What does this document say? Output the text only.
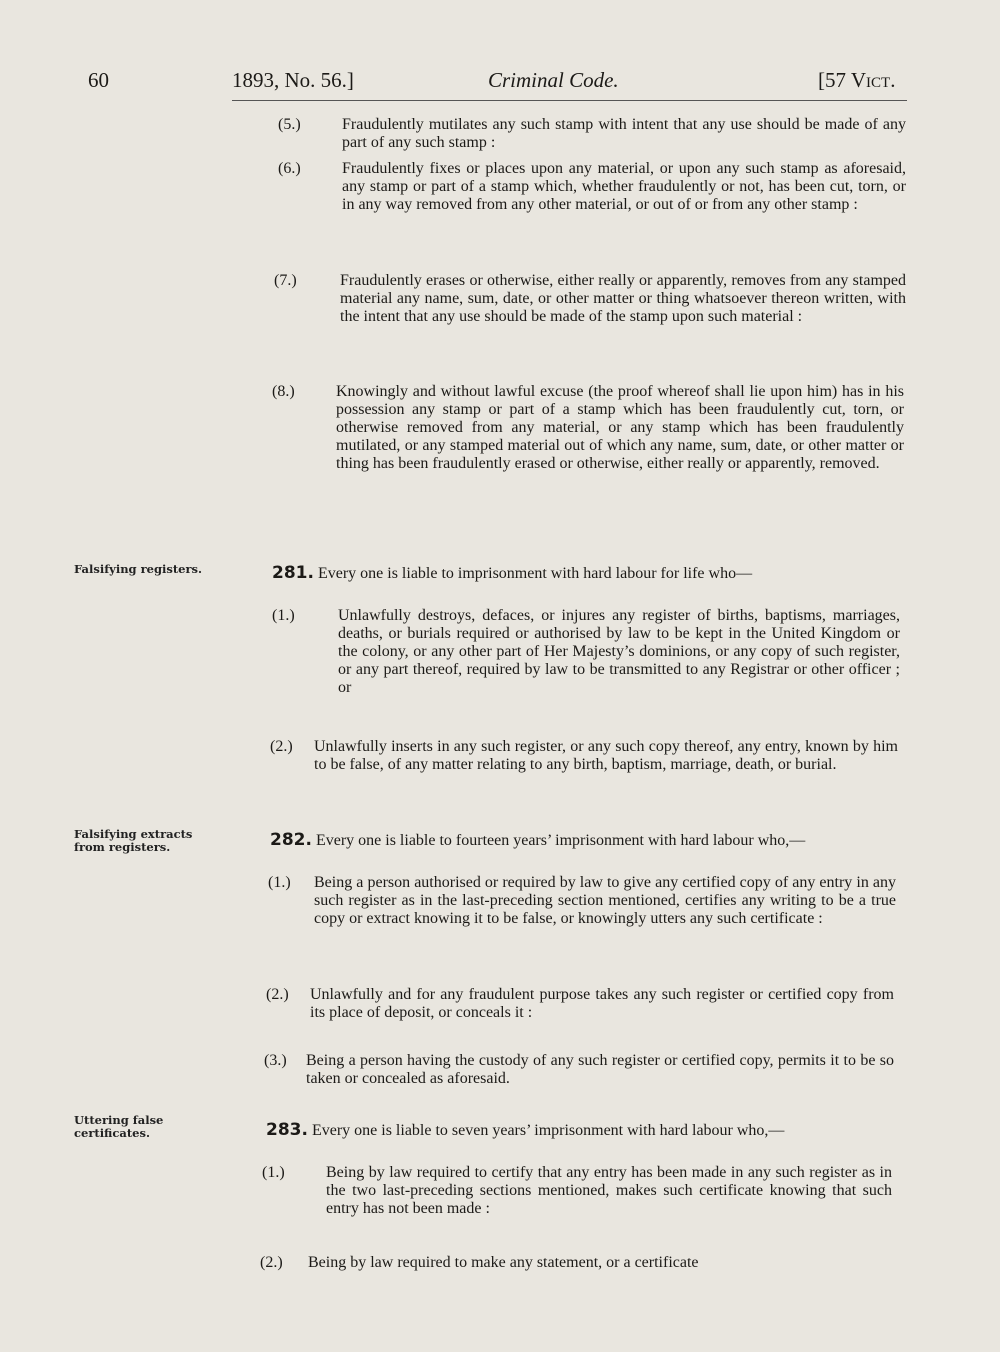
60	1893, No. 56.]	Criminal Code.	[57 Vict.
(5.)	Fraudulently mutilates any such stamp with intent that any use should be made of any part of any such stamp :
(6.)	Fraudulently fixes or places upon any material, or upon any such stamp as aforesaid, any stamp or part of a stamp which, whether fraudulently or not, has been cut, torn, or in any way removed from any other material, or out of or from any other stamp :
(7.)	Fraudulently erases or otherwise, either really or apparently, removes from any stamped material any name, sum, date, or other matter or thing whatsoever thereon written, with the intent that any use should be made of the stamp upon such material :
(8.)	Knowingly and without lawful excuse (the proof whereof shall lie upon him) has in his possession any stamp or part of a stamp which has been fraudulently cut, torn, or otherwise removed from any material, or any stamp which has been fraudulently mutilated, or any stamped material out of which any name, sum, date, or other matter or thing has been fraudulently erased or otherwise, either really or apparently, removed.
Falsifying registers.	281. Every one is liable to imprisonment with hard labour for life who—
(1.)	Unlawfully destroys, defaces, or injures any register of births, baptisms, marriages, deaths, or burials required or authorised by law to be kept in the United Kingdom or the colony, or any other part of Her Majesty’s dominions, or any copy of such register, or any part thereof, required by law to be transmitted to any Registrar or other officer ; or
(2.) Unlawfully inserts in any such register, or any such copy thereof, any entry, known by him to be false, of any matter relating to any birth, baptism, marriage, death, or burial.
Falsifying extracts from registers.	282. Every one is liable to fourteen years’ imprisonment with hard labour who,—
(1.) Being a person authorised or required by law to give any certified copy of any entry in any such register as in the last-preceding section mentioned, certifies any writing to be a true copy or extract knowing it to be false, or knowingly utters any such certificate :
(2.) Unlawfully and for any fraudulent purpose takes any such register or certified copy from its place of deposit, or conceals it :
(3.) Being a person having the custody of any such register or certified copy, permits it to be so taken or concealed as aforesaid.
Uttering false certificates.	283. Every one is liable to seven years’ imprisonment with hard labour who,—
(1.)	Being by law required to certify that any entry has been made in any such register as in the two last-preceding sections mentioned, makes such certificate knowing that such entry has not been made :
(2.) Being by law required to make any statement, or a certificate
